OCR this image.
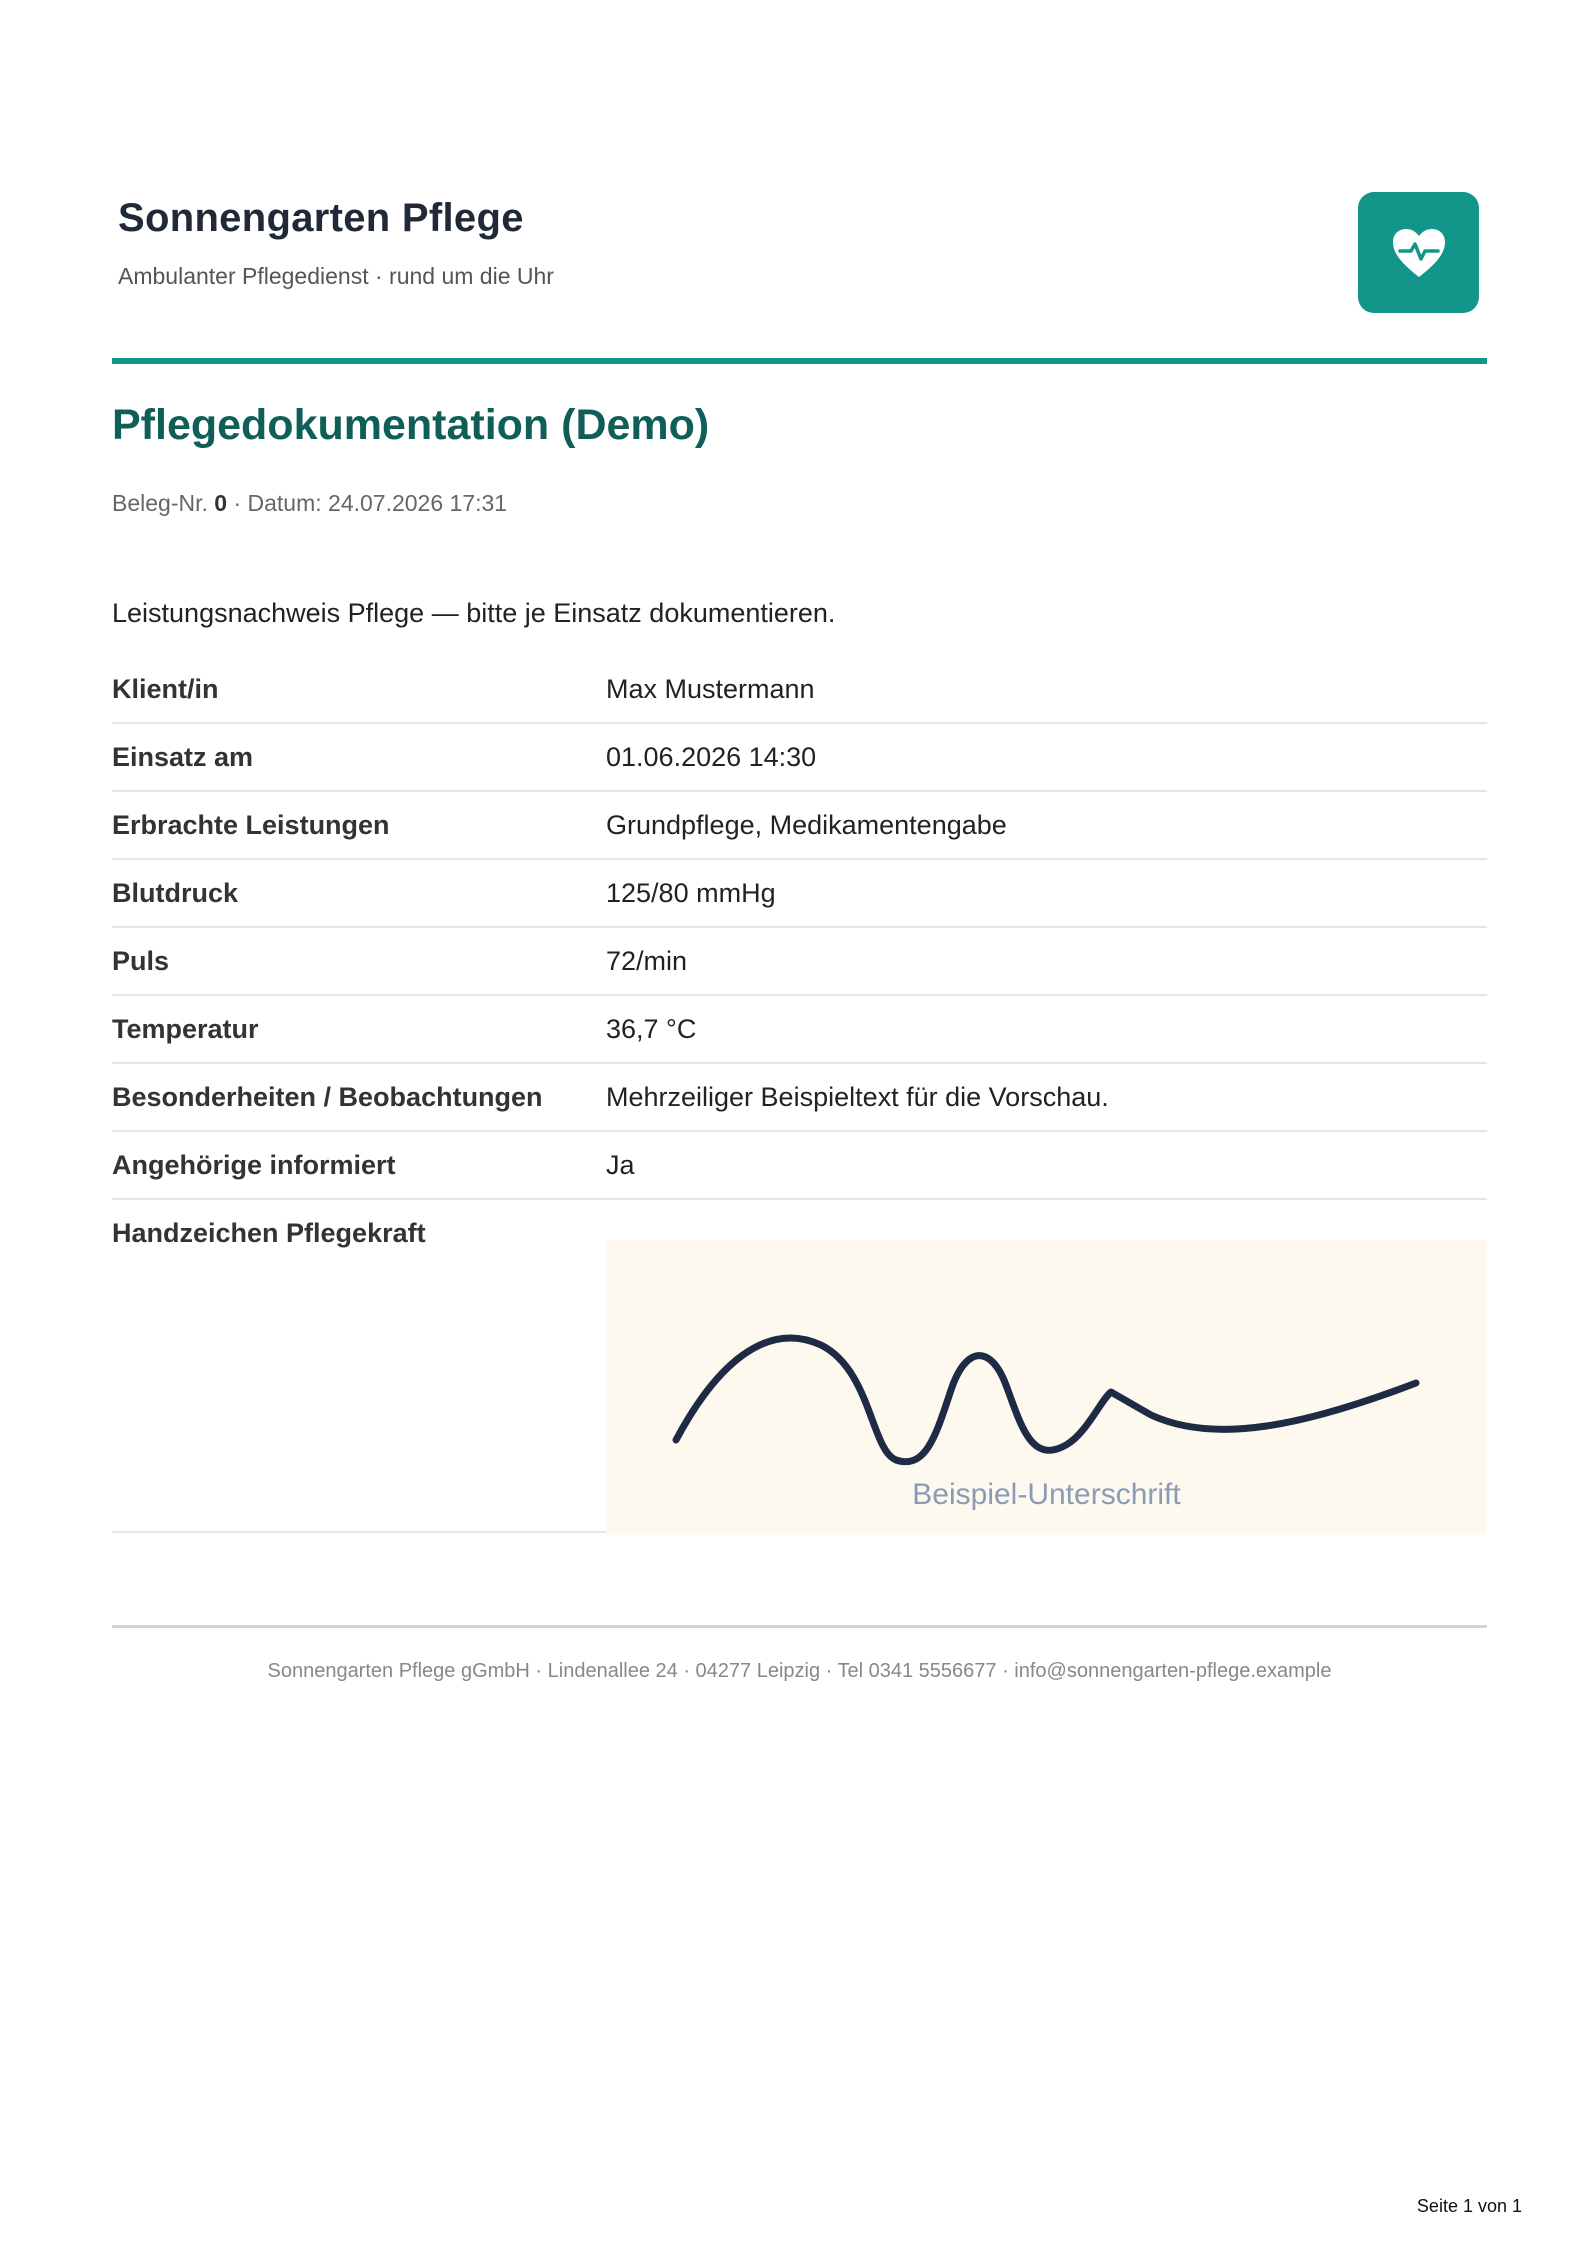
Sonnengarten Pflege
Ambulanter Pflegedienst · rund um die Uhr
Pflegedokumentation (Demo)
Beleg-Nr. 0 · Datum: 24.07.2026 17:31
Leistungsnachweis Pflege — bitte je Einsatz dokumentieren.
Klient/in	Max Mustermann
Einsatz am	01.06.2026 14:30
Erbrachte Leistungen	Grundpflege, Medikamentengabe
Blutdruck	125/80 mmHg
Puls	72/min
Temperatur	36,7 °C
Besonderheiten / Beobachtungen	Mehrzeiliger Beispieltext für die Vorschau.
Angehörige informiert	Ja
Handzeichen Pflegekraft
Beispiel-Unterschrift
Sonnengarten Pflege gGmbH · Lindenallee 24 · 04277 Leipzig · Tel 0341 5556677 · info@sonnengarten-pflege.example
Seite 1 von 1
